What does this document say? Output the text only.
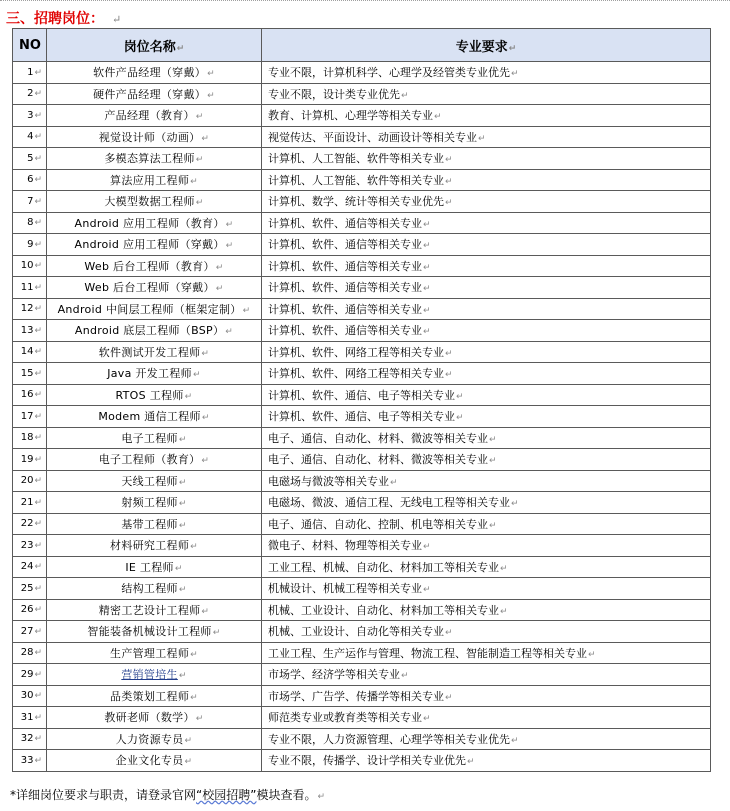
三、招聘岗位： ↵
NO	岗位名称↵	专业要求↵
1↵	软件产品经理（穿戴）↵	专业不限，计算机科学、心理学及经管类专业优先↵
2↵	硬件产品经理（穿戴）↵	专业不限，设计类专业优先↵
3↵	产品经理（教育）↵	教育、计算机、心理学等相关专业↵
4↵	视觉设计师（动画）↵	视觉传达、平面设计、动画设计等相关专业↵
5↵	多模态算法工程师↵	计算机、人工智能、软件等相关专业↵
6↵	算法应用工程师↵	计算机、人工智能、软件等相关专业↵
7↵	大模型数据工程师↵	计算机、数学、统计等相关专业优先↵
8↵	Android 应用工程师（教育）↵	计算机、软件、通信等相关专业↵
9↵	Android 应用工程师（穿戴）↵	计算机、软件、通信等相关专业↵
10↵	Web 后台工程师（教育）↵	计算机、软件、通信等相关专业↵
11↵	Web 后台工程师（穿戴）↵	计算机、软件、通信等相关专业↵
12↵	Android 中间层工程师（框架定制）↵	计算机、软件、通信等相关专业↵
13↵	Android 底层工程师（BSP）↵	计算机、软件、通信等相关专业↵
14↵	软件测试开发工程师↵	计算机、软件、网络工程等相关专业↵
15↵	Java 开发工程师↵	计算机、软件、网络工程等相关专业↵
16↵	RTOS 工程师↵	计算机、软件、通信、电子等相关专业↵
17↵	Modem 通信工程师↵	计算机、软件、通信、电子等相关专业↵
18↵	电子工程师↵	电子、通信、自动化、材料、微波等相关专业↵
19↵	电子工程师（教育）↵	电子、通信、自动化、材料、微波等相关专业↵
20↵	天线工程师↵	电磁场与微波等相关专业↵
21↵	射频工程师↵	电磁场、微波、通信工程、无线电工程等相关专业↵
22↵	基带工程师↵	电子、通信、自动化、控制、机电等相关专业↵
23↵	材料研究工程师↵	微电子、材料、物理等相关专业↵
24↵	IE 工程师↵	工业工程、机械、自动化、材料加工等相关专业↵
25↵	结构工程师↵	机械设计、机械工程等相关专业↵
26↵	精密工艺设计工程师↵	机械、工业设计、自动化、材料加工等相关专业↵
27↵	智能装备机械设计工程师↵	机械、工业设计、自动化等相关专业↵
28↵	生产管理工程师↵	工业工程、生产运作与管理、物流工程、智能制造工程等相关专业↵
29↵	营销管培生↵	市场学、经济学等相关专业↵
30↵	品类策划工程师↵	市场学、广告学、传播学等相关专业↵
31↵	教研老师（数学）↵	师范类专业或教育类等相关专业↵
32↵	人力资源专员↵	专业不限，人力资源管理、心理学等相关专业优先↵
33↵	企业文化专员↵	专业不限，传播学、设计学相关专业优先↵
*详细岗位要求与职责，请登录官网“校园招聘”模块查看。↵
